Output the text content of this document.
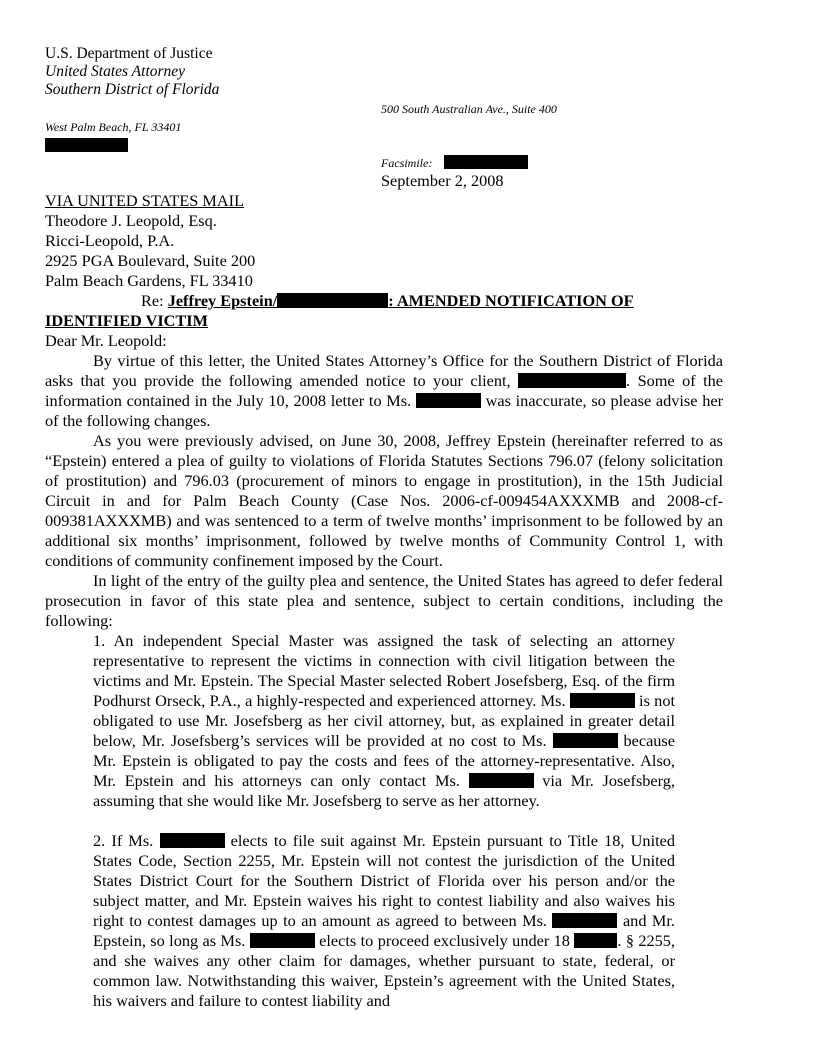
U.S. Department of Justice
United States Attorney
Southern District of Florida
500 South Australian Ave., Suite 400
West Palm Beach, FL 33401
Facsimile:
September 2, 2008
VIA UNITED STATES MAIL
Theodore J. Leopold, Esq.
Ricci-Leopold, P.A.
2925 PGA Boulevard, Suite 200
Palm Beach Gardens, FL 33410
Re: Jeffrey Epstein/	: AMENDED NOTIFICATION OF
IDENTIFIED VICTIM
Dear Mr. Leopold:
By virtue of this letter, the United States Attorney’s Office for the Southern District of Florida asks that you provide the following amended notice to your client,	. Some of the information contained in the July 10, 2008 letter to Ms.	was inaccurate, so please advise her of the following changes.
As you were previously advised, on June 30, 2008, Jeffrey Epstein (hereinafter referred to as “Epstein) entered a plea of guilty to violations of Florida Statutes Sections 796.07 (felony solicitation of prostitution) and 796.03 (procurement of minors to engage in prostitution), in the 15th Judicial Circuit in and for Palm Beach County (Case Nos. 2006-cf-009454AXXXMB and 2008-cf-009381AXXXMB) and was sentenced to a term of twelve months’ imprisonment to be followed by an additional six months’ imprisonment, followed by twelve months of Community Control 1, with conditions of community confinement imposed by the Court.
In light of the entry of the guilty plea and sentence, the United States has agreed to defer federal prosecution in favor of this state plea and sentence, subject to certain conditions, including the following:
1. An independent Special Master was assigned the task of selecting an attorney representative to represent the victims in connection with civil litigation between the victims and Mr. Epstein. The Special Master selected Robert Josefsberg, Esq. of the firm Podhurst Orseck, P.A., a highly-respected and experienced attorney. Ms.	is not obligated to use Mr. Josefsberg as her civil attorney, but, as explained in greater detail below, Mr. Josefsberg’s services will be provided at no cost to Ms.	because Mr. Epstein is obligated to pay the costs and fees of the attorney-representative. Also, Mr. Epstein and his attorneys can only contact Ms.	via Mr. Josefsberg, assuming that she would like Mr. Josefsberg to serve as her attorney.
2. If Ms.	elects to file suit against Mr. Epstein pursuant to Title 18, United States Code, Section 2255, Mr. Epstein will not contest the jurisdiction of the United States District Court for the Southern District of Florida over his person and/or the subject matter, and Mr. Epstein waives his right to contest liability and also waives his right to contest damages up to an amount as agreed to between Ms.	and Mr. Epstein, so long as Ms.	elects to proceed exclusively under 18	. § 2255, and she waives any other claim for damages, whether pursuant to state, federal, or common law. Notwithstanding this waiver, Epstein’s agreement with the United States, his waivers and failure to contest liability and
